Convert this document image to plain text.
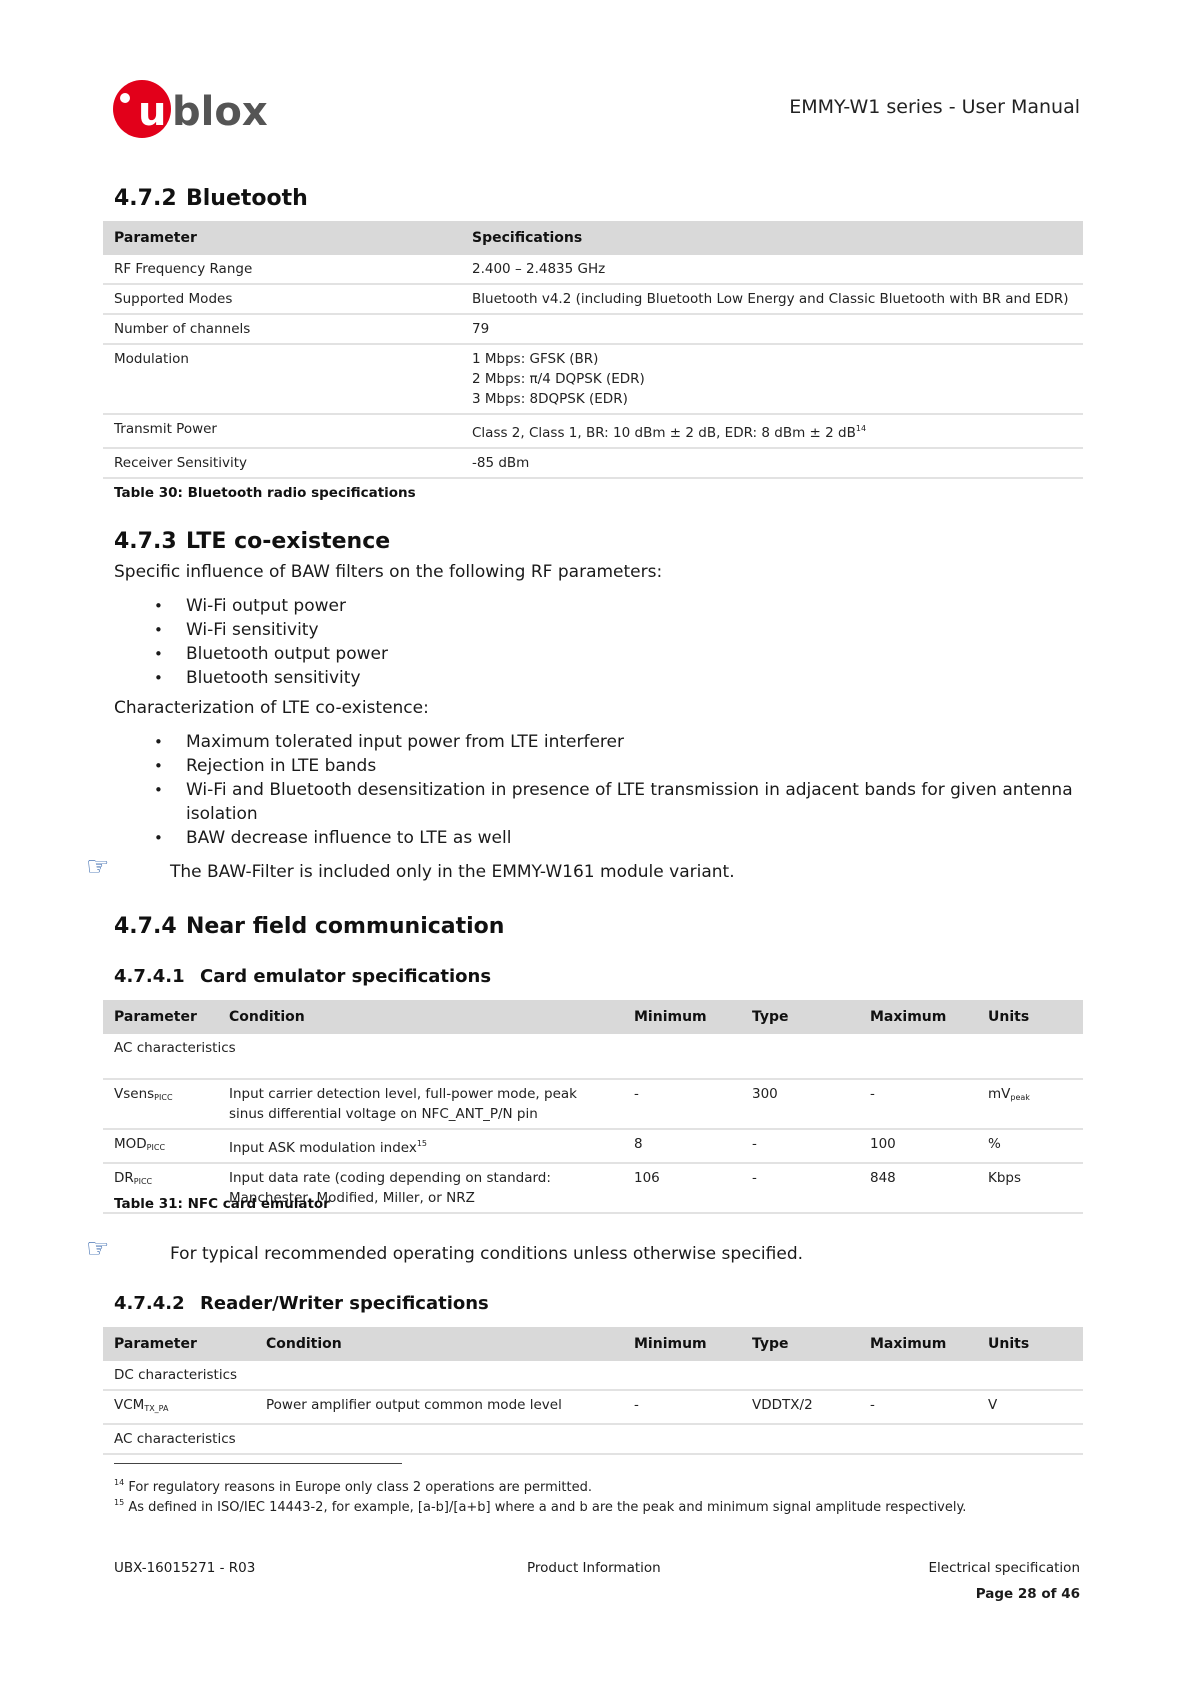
u blox	EMMY-W1 series - User Manual
4.7.2 Bluetooth
Parameter	Specifications
RF Frequency Range	2.400 – 2.4835 GHz
Supported Modes	Bluetooth v4.2 (including Bluetooth Low Energy and Classic Bluetooth with BR and EDR)
Number of channels	79
Modulation	1 Mbps: GFSK (BR)
2 Mbps: π/4 DQPSK (EDR)
3 Mbps: 8DQPSK (EDR)

Transmit Power	Class 2, Class 1, BR: 10 dBm ± 2 dB, EDR: 8 dBm ± 2 $dB^{14}$
Receiver Sensitivity	-85 dBm
Table 30: Bluetooth radio specifications
4.7.3 LTE co-existence
Specific influence of BAW filters on the following RF parameters:
• Wi-Fi output power
• Wi-Fi sensitivity
• Bluetooth output power
• Bluetooth sensitivity
Characterization of LTE co-existence:
• Maximum tolerated input power from LTE interferer
• Rejection in LTE bands
• Wi-Fi and Bluetooth desensitization in presence of LTE transmission in adjacent bands for given antenna isolation
• BAW decrease influence to LTE as well
☞	The BAW-Filter is included only in the EMMY-W161 module variant.
4.7.4 Near field communication
4.7.4.1 Card emulator specifications
Parameter	Condition	Minimum	Type	Maximum	Units
AC characteristics					
Vsens$_{PICC}$	Input carrier detection level, full-power mode, peak sinus differential voltage on NFC_ANT_P/N pin	-	300	-	$mV_{peak}$
$MOD_{PICC}$	Input ASK modulation index$^{15}$	8	-	100	%
$DR_{PICC}$	Input data rate (coding depending on standard: Manchester, Modified, Miller, or NRZ	106	-	848	Kbps
Table 31: NFC card emulator
☞	For typical recommended operating conditions unless otherwise specified.
4.7.4.2 Reader/Writer specifications
Parameter	Condition	Minimum	Type	Maximum	Units
DC characteristics					
$VCM_{TX\_PA}$	Power amplifier output common mode level	-	VDDTX/2	-	V
AC characteristics					
$^{14}$ For regulatory reasons in Europe only class 2 operations are permitted.
$^{15}$ As defined in ISO/IEC 14443-2, for example, [a-b]/[a+b] where a and b are the peak and minimum signal amplitude respectively.
UBX-16015271 - R03	Product Information	Electrical specification
Page 28 of 46
